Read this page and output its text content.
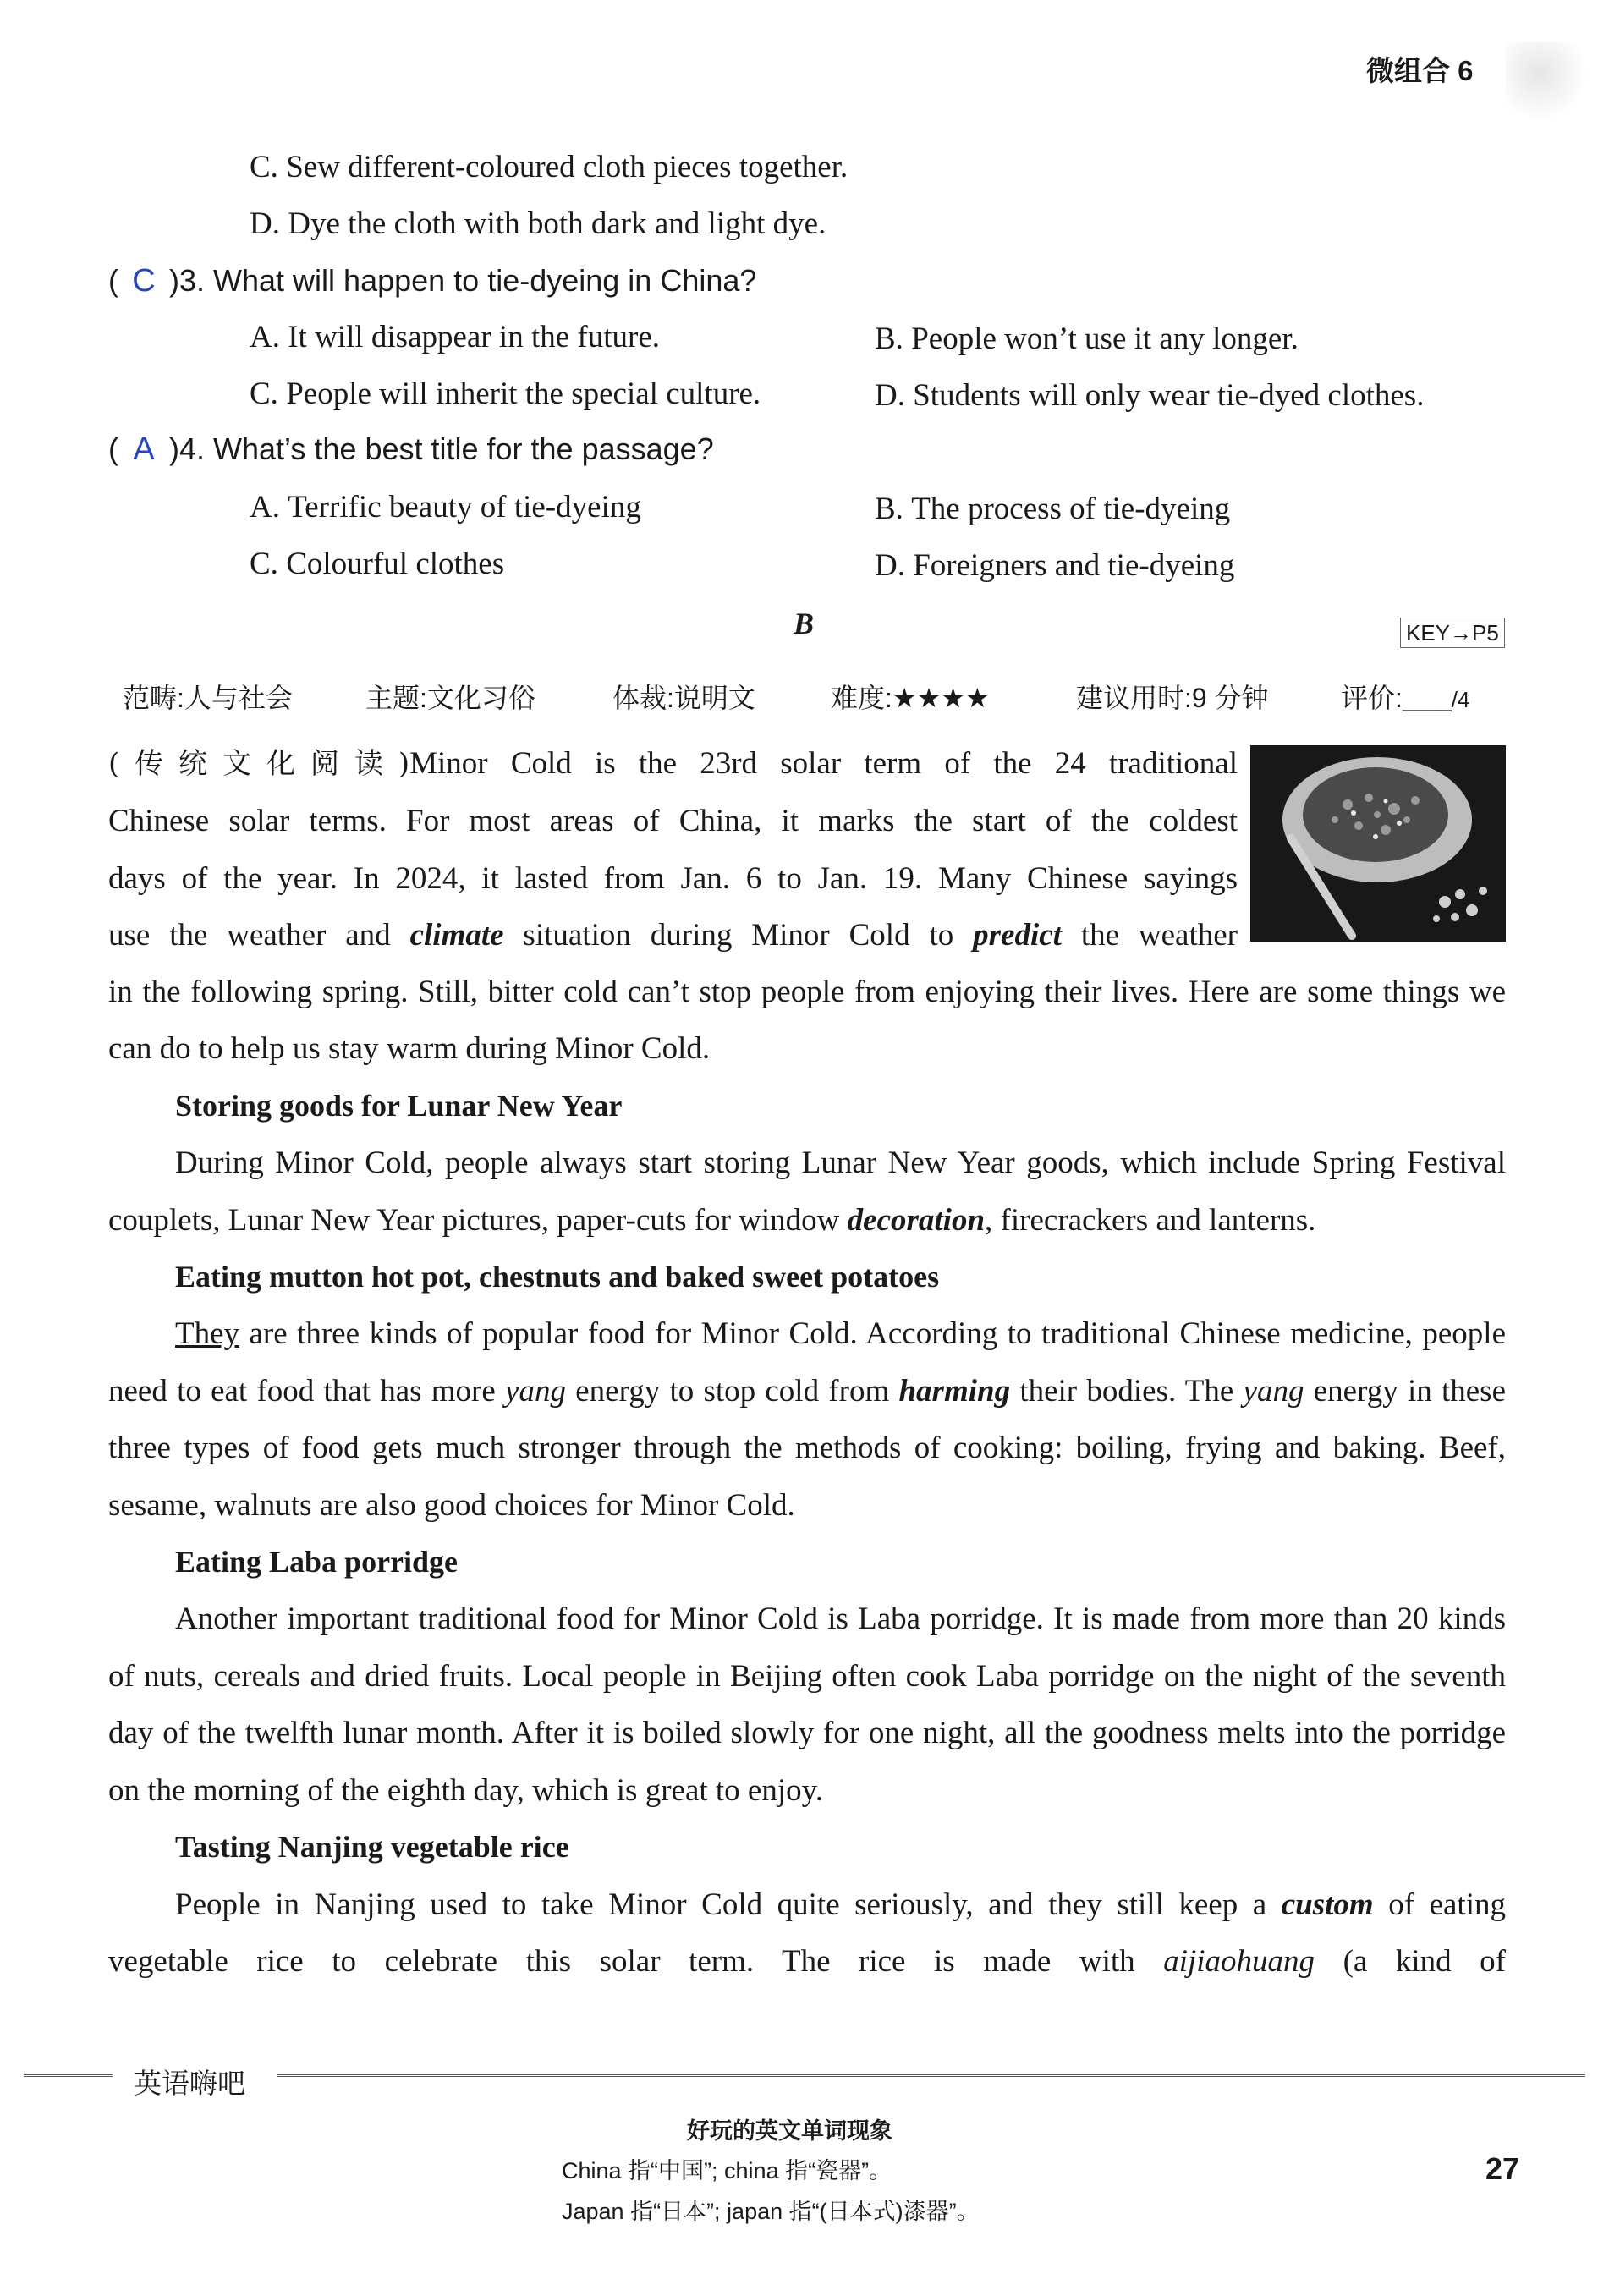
微组合 6
C. Sew different-coloured cloth pieces together.
D. Dye the cloth with both dark and light dye.
( C )3. What will happen to tie-dyeing in China?
A. It will disappear in the future.	B. People won’t use it any longer.
C. People will inherit the special culture.	D. Students will only wear tie-dyed clothes.
( A )4. What’s the best title for the passage?
A. Terrific beauty of tie-dyeing	B. The process of tie-dyeing
C. Colourful clothes	D. Foreigners and tie-dyeing
B	KEY→P5
范畴:人与社会	主题:文化习俗	体裁:说明文	难度:★★★★	建议用时:9 分钟	评价:____/4

(传统文化阅读)Minor Cold is the 23rd solar term of the 24 traditional

Chinese solar terms. For most areas of China, it marks the start of the coldest

days of the year. In 2024, it lasted from Jan. 6 to Jan. 19. Many Chinese sayings

use the weather and climate situation during Minor Cold to predict the weather

in the following spring. Still, bitter cold can’t stop people from enjoying their lives. Here are some things we can do to help us stay warm during Minor Cold.

Storing goods for Lunar New Year

During Minor Cold, people always start storing Lunar New Year goods, which include Spring Festival couplets, Lunar New Year pictures, paper-cuts for window decoration, firecrackers and lanterns.

Eating mutton hot pot, chestnuts and baked sweet potatoes

They are three kinds of popular food for Minor Cold. According to traditional Chinese medicine, people need to eat food that has more yang energy to stop cold from harming their bodies. The yang energy in these three types of food gets much stronger through the methods of cooking: boiling, frying and baking. Beef, sesame, walnuts are also good choices for Minor Cold.

Eating Laba porridge

Another important traditional food for Minor Cold is Laba porridge. It is made from more than 20 kinds of nuts, cereals and dried fruits. Local people in Beijing often cook Laba porridge on the night of the seventh day of the twelfth lunar month. After it is boiled slowly for one night, all the goodness melts into the porridge on the morning of the eighth day, which is great to enjoy.

Tasting Nanjing vegetable rice

People in Nanjing used to take Minor Cold quite seriously, and they still keep a custom of eating vegetable rice to celebrate this solar term. The rice is made with aijiaohuang (a kind of

英语嗨吧
好玩的英文单词现象
China 指“中国”; china 指“瓷器”。
Japan 指“日本”; japan 指“(日本式)漆器”。
27
